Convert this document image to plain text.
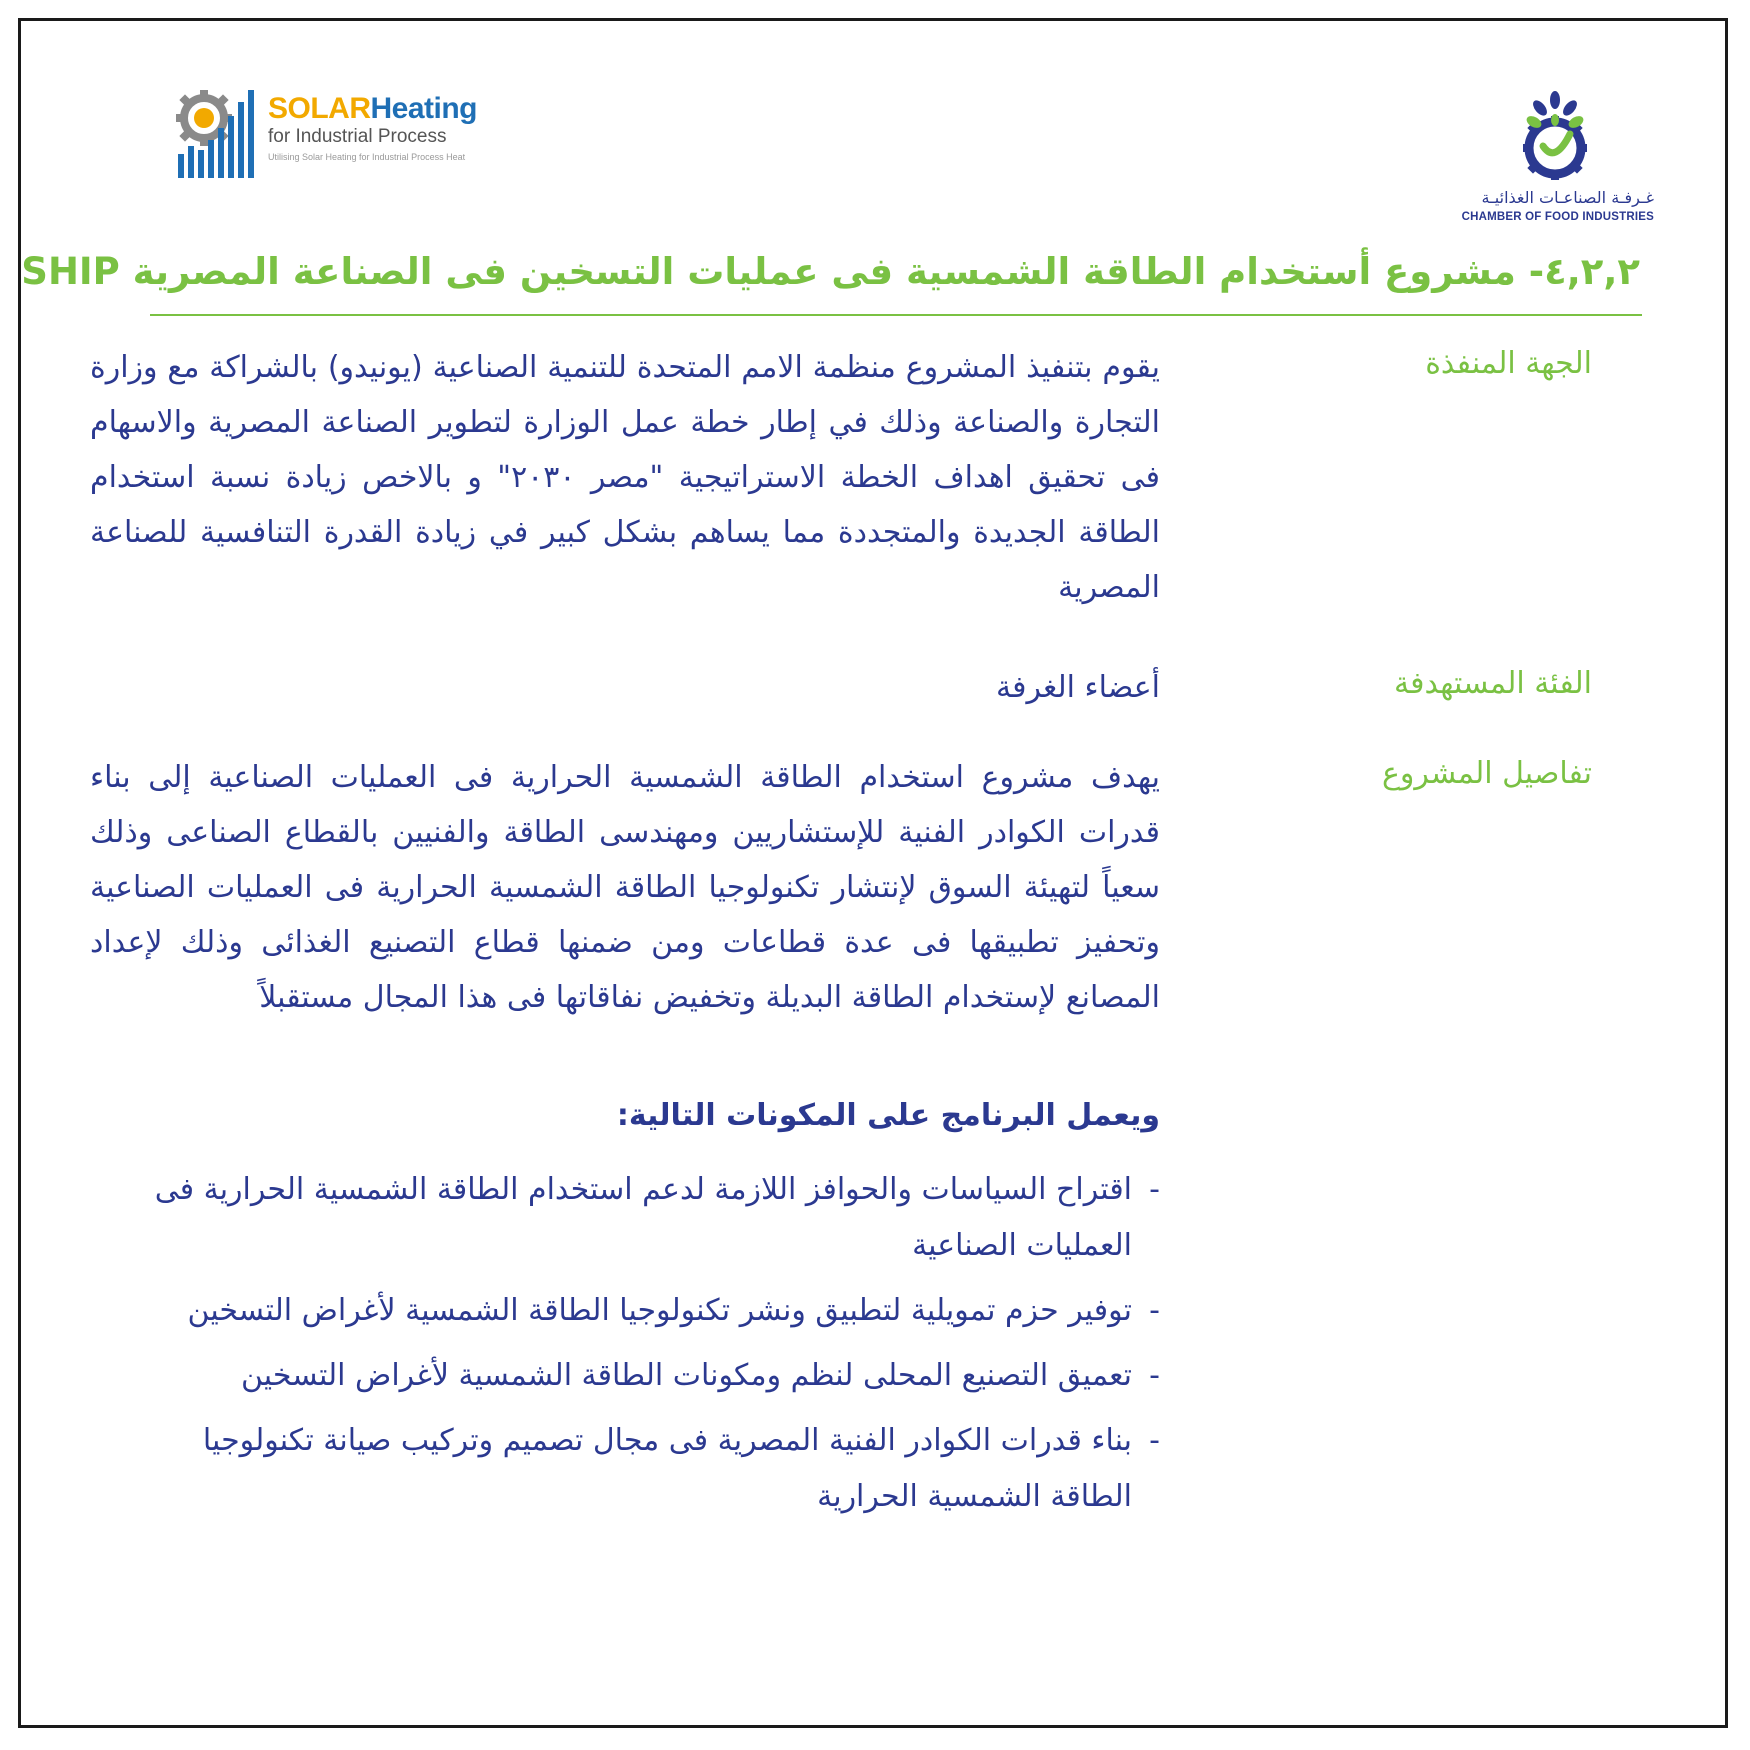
SOLARHeating
for Industrial Process
Utilising Solar Heating for Industrial Process Heat
غـرفـة الصناعـات الغذائيـة
CHAMBER OF FOOD INDUSTRIES
٤,٢,٢- مشروع أستخدام الطاقة الشمسية فى عمليات التسخين فى الصناعة المصرية SHIP
الجهة المنفذة

يقوم بتنفيذ المشروع منظمة الامم المتحدة للتنمية الصناعية (يونيدو) بالشراكة مع وزارة التجارة والصناعة وذلك في إطار خطة عمل الوزارة لتطوير الصناعة المصرية والاسهام فى تحقيق اهداف الخطة الاستراتيجية "مصر ٢٠٣٠" و بالاخص زيادة نسبة استخدام الطاقة الجديدة والمتجددة مما يساهم بشكل كبير في زيادة القدرة التنافسية للصناعة المصرية

الفئة المستهدفة

أعضاء الغرفة

تفاصيل المشروع

يهدف مشروع استخدام الطاقة الشمسية الحرارية فى العمليات الصناعية إلى بناء قدرات الكوادر الفنية للإستشاريين ومهندسى الطاقة والفنيين بالقطاع الصناعى وذلك سعياً لتهيئة السوق لإنتشار تكنولوجيا الطاقة الشمسية الحرارية فى العمليات الصناعية وتحفيز تطبيقها فى عدة قطاعات ومن ضمنها قطاع التصنيع الغذائى وذلك لإعداد المصانع لإستخدام الطاقة البديلة وتخفيض نفاقاتها فى هذا المجال مستقبلاً

ويعمل البرنامج على المكونات التالية:
-
اقتراح السياسات والحوافز اللازمة لدعم استخدام الطاقة الشمسية الحرارية فى العمليات الصناعية
-
توفير حزم تمويلية لتطبيق ونشر تكنولوجيا الطاقة الشمسية لأغراض التسخين
-
تعميق التصنيع المحلى لنظم ومكونات الطاقة الشمسية لأغراض التسخين
-
بناء قدرات الكوادر الفنية المصرية فى مجال تصميم وتركيب صيانة تكنولوجيا الطاقة الشمسية الحرارية
